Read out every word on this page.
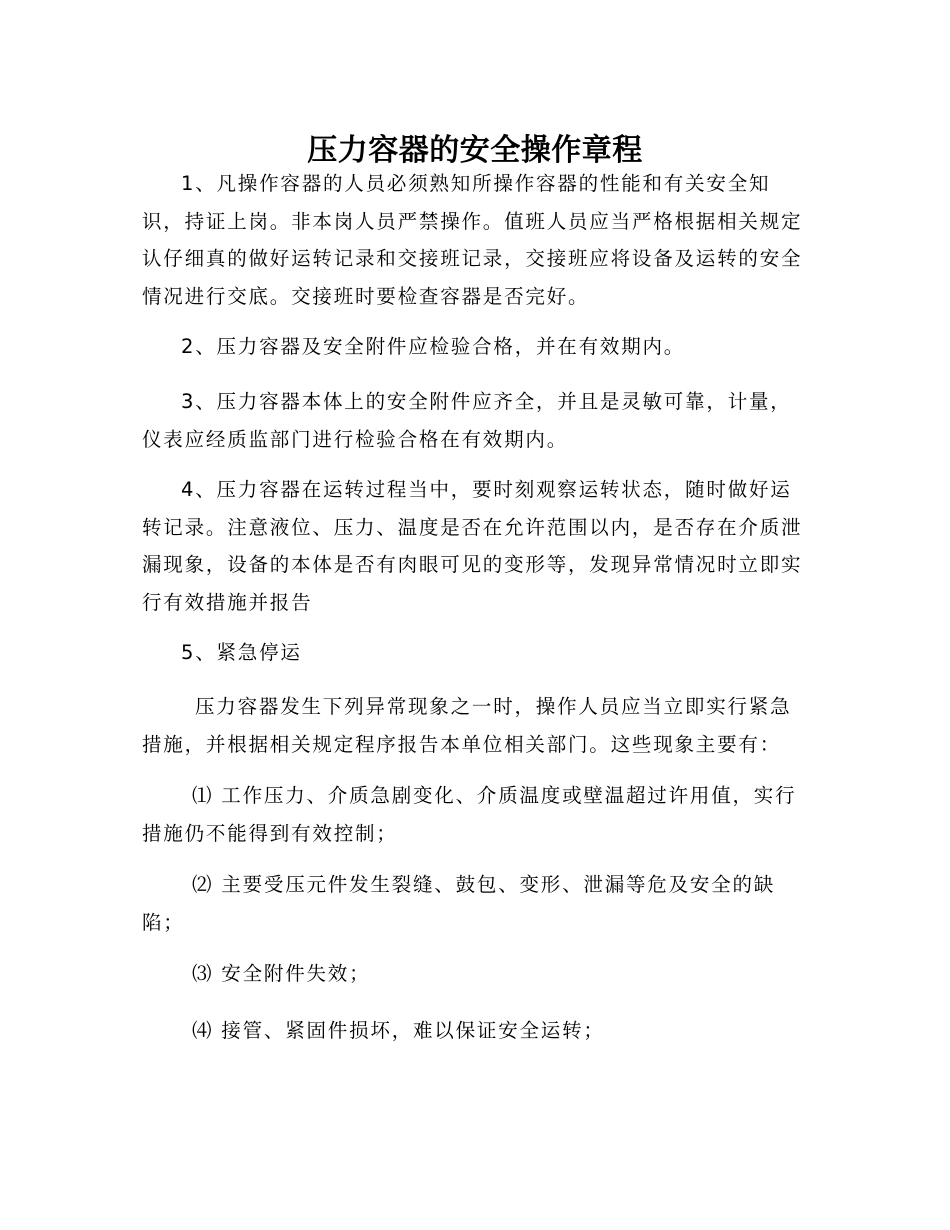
压力容器的安全操作章程

1、凡操作容器的人员必须熟知所操作容器的性能和有关安全知识，持证上岗。非本岗人员严禁操作。值班人员应当严格根据相关规定认仔细真的做好运转记录和交接班记录，交接班应将设备及运转的安全情况进行交底。交接班时要检查容器是否完好。

2、压力容器及安全附件应检验合格，并在有效期内。

3、压力容器本体上的安全附件应齐全，并且是灵敏可靠，计量，仪表应经质监部门进行检验合格在有效期内。

4、压力容器在运转过程当中，要时刻观察运转状态，随时做好运转记录。注意液位、压力、温度是否在允许范围以内，是否存在介质泄漏现象，设备的本体是否有肉眼可见的变形等，发现异常情况时立即实行有效措施并报告

5、紧急停运

压力容器发生下列异常现象之一时，操作人员应当立即实行紧急措施，并根据相关规定程序报告本单位相关部门。这些现象主要有：

⑴ 工作压力、介质急剧变化、介质温度或壁温超过许用值，实行措施仍不能得到有效控制；

⑵ 主要受压元件发生裂缝、鼓包、变形、泄漏等危及安全的缺陷；

⑶ 安全附件失效；

⑷ 接管、紧固件损坏，难以保证安全运转；
